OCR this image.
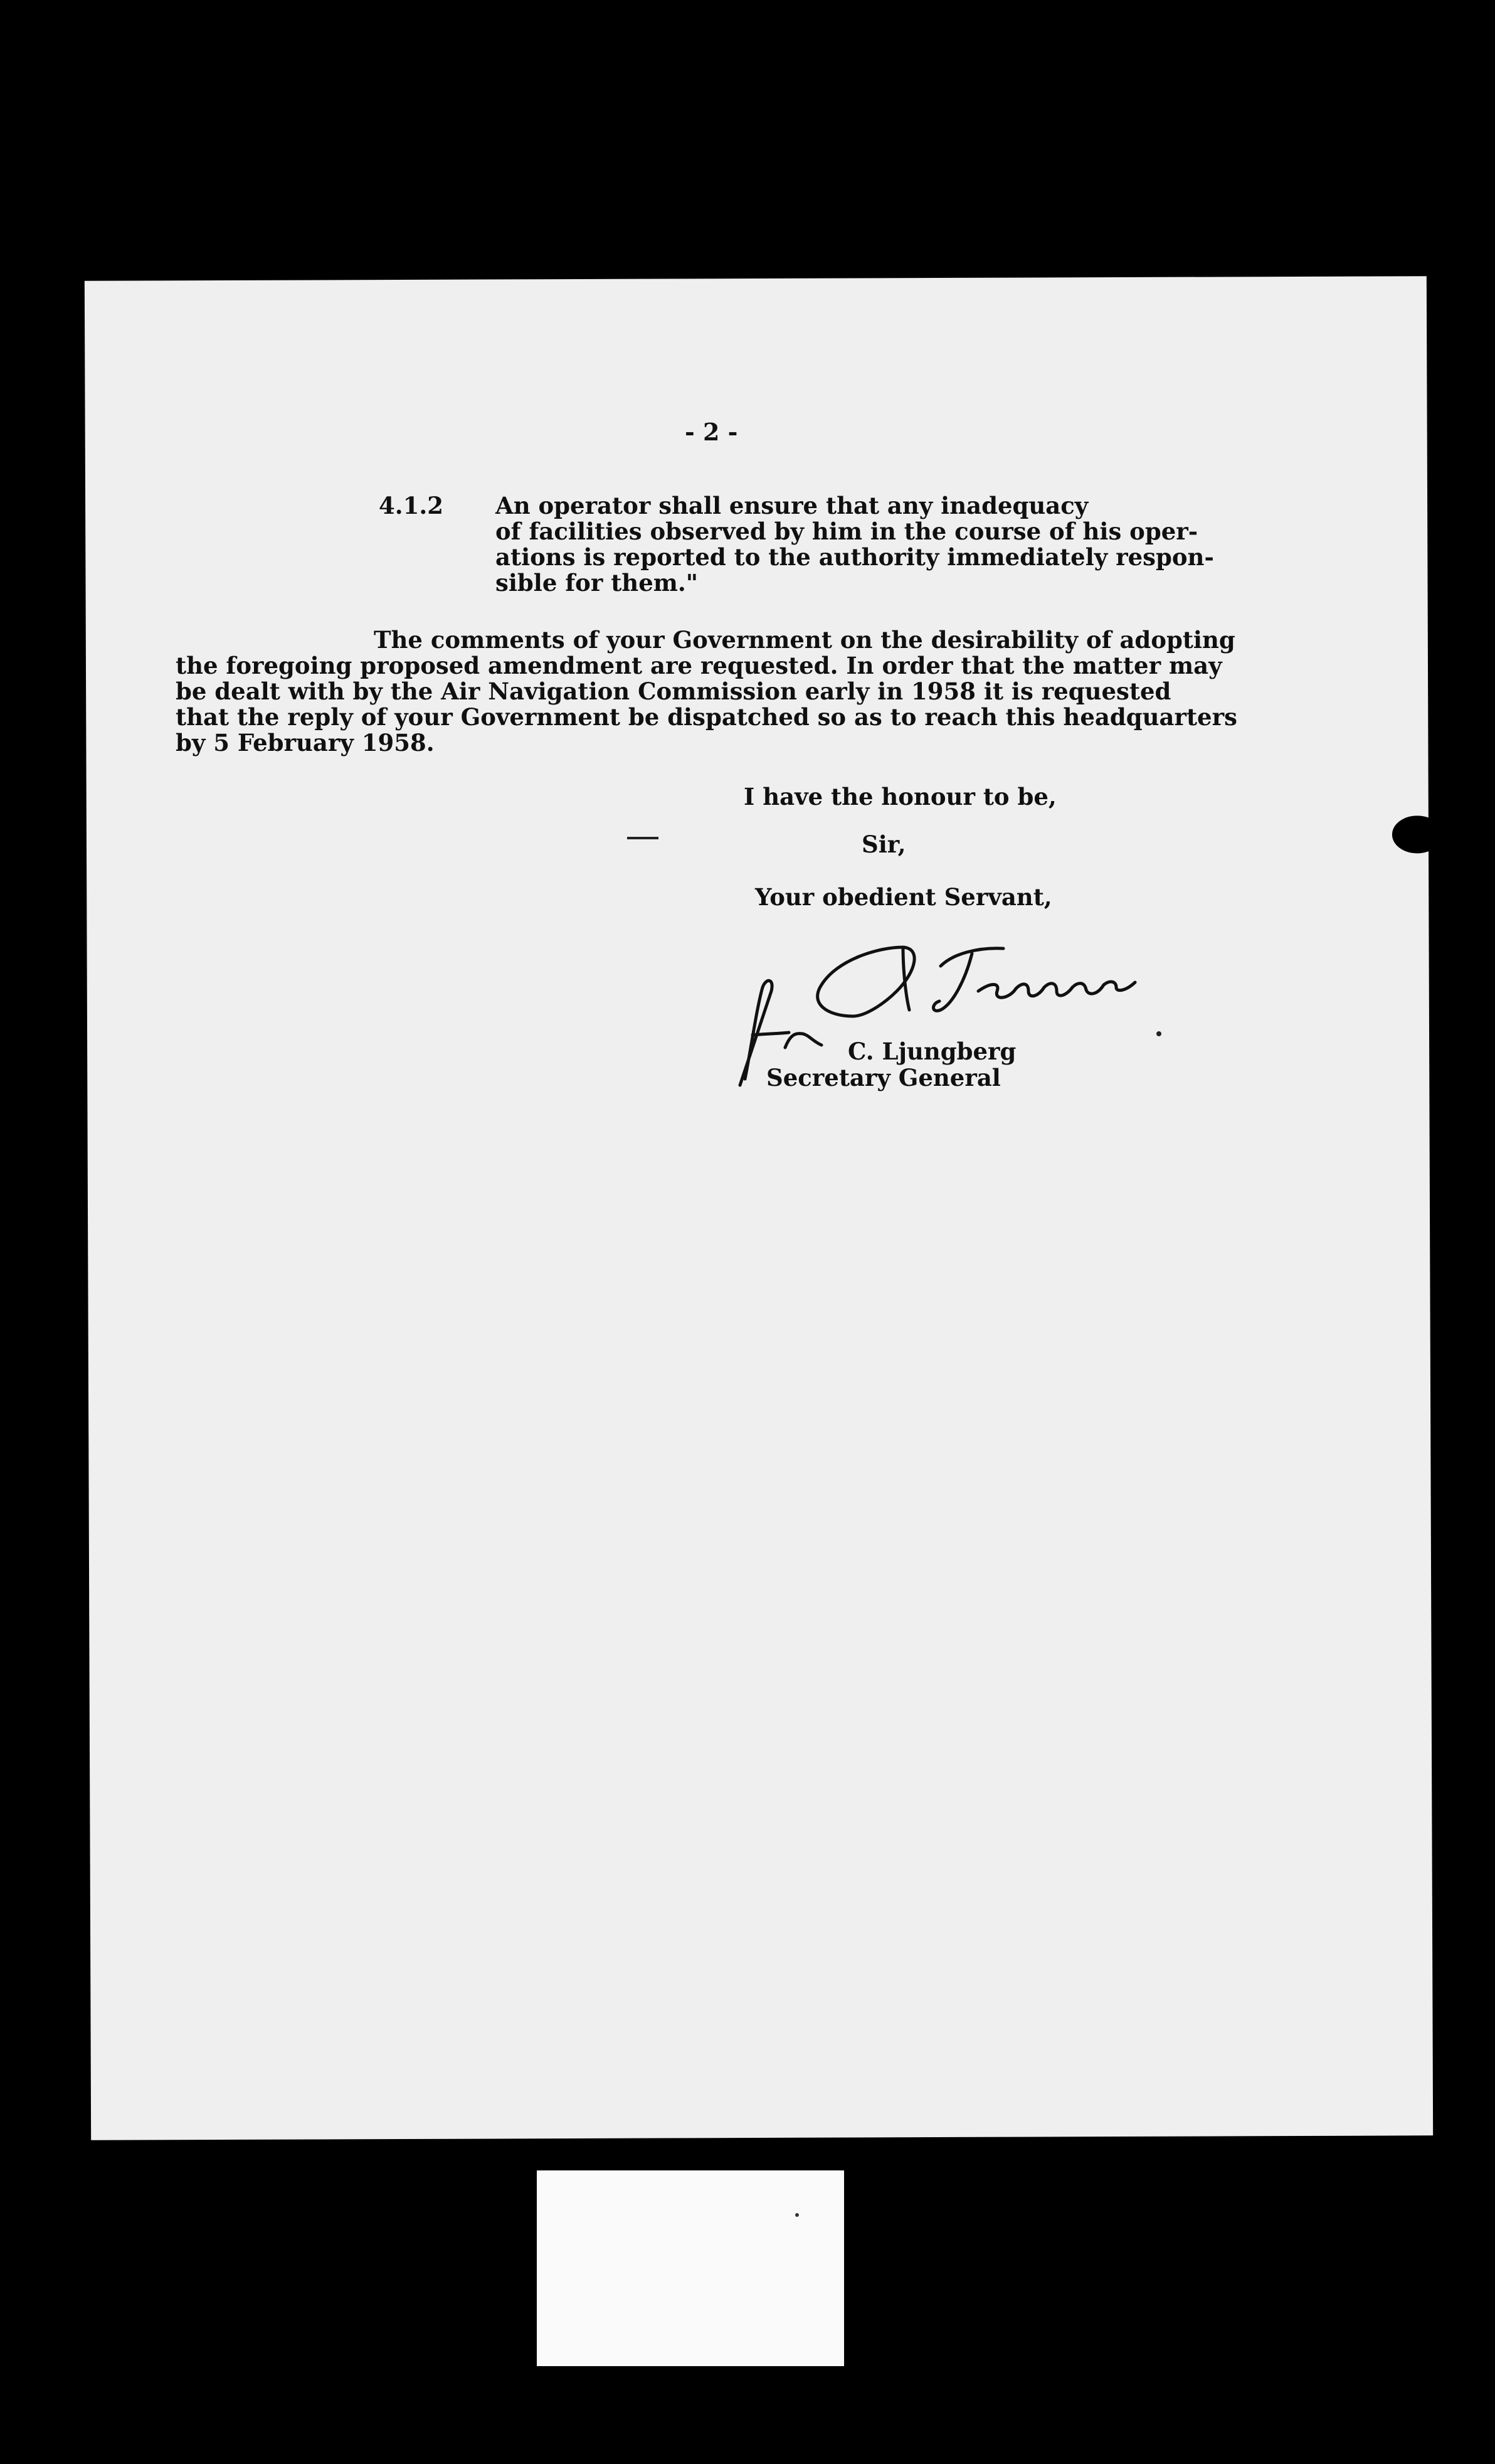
- 2 -
4.1.2 An operator shall ensure that any inadequacy
of facilities observed by him in the course of his oper-
ations is reported to the authority immediately respon-
sible for them."
The comments of your Government on the desirability of adopting
the foregoing proposed amendment are requested. In order that the matter may
be dealt with by the Air Navigation Commission early in 1958 it is requested
that the reply of your Government be dispatched so as to reach this headquarters
by 5 February 1958.
I have the honour to be,
Sir,
Your obedient Servant,
C. Ljungberg
Secretary General
